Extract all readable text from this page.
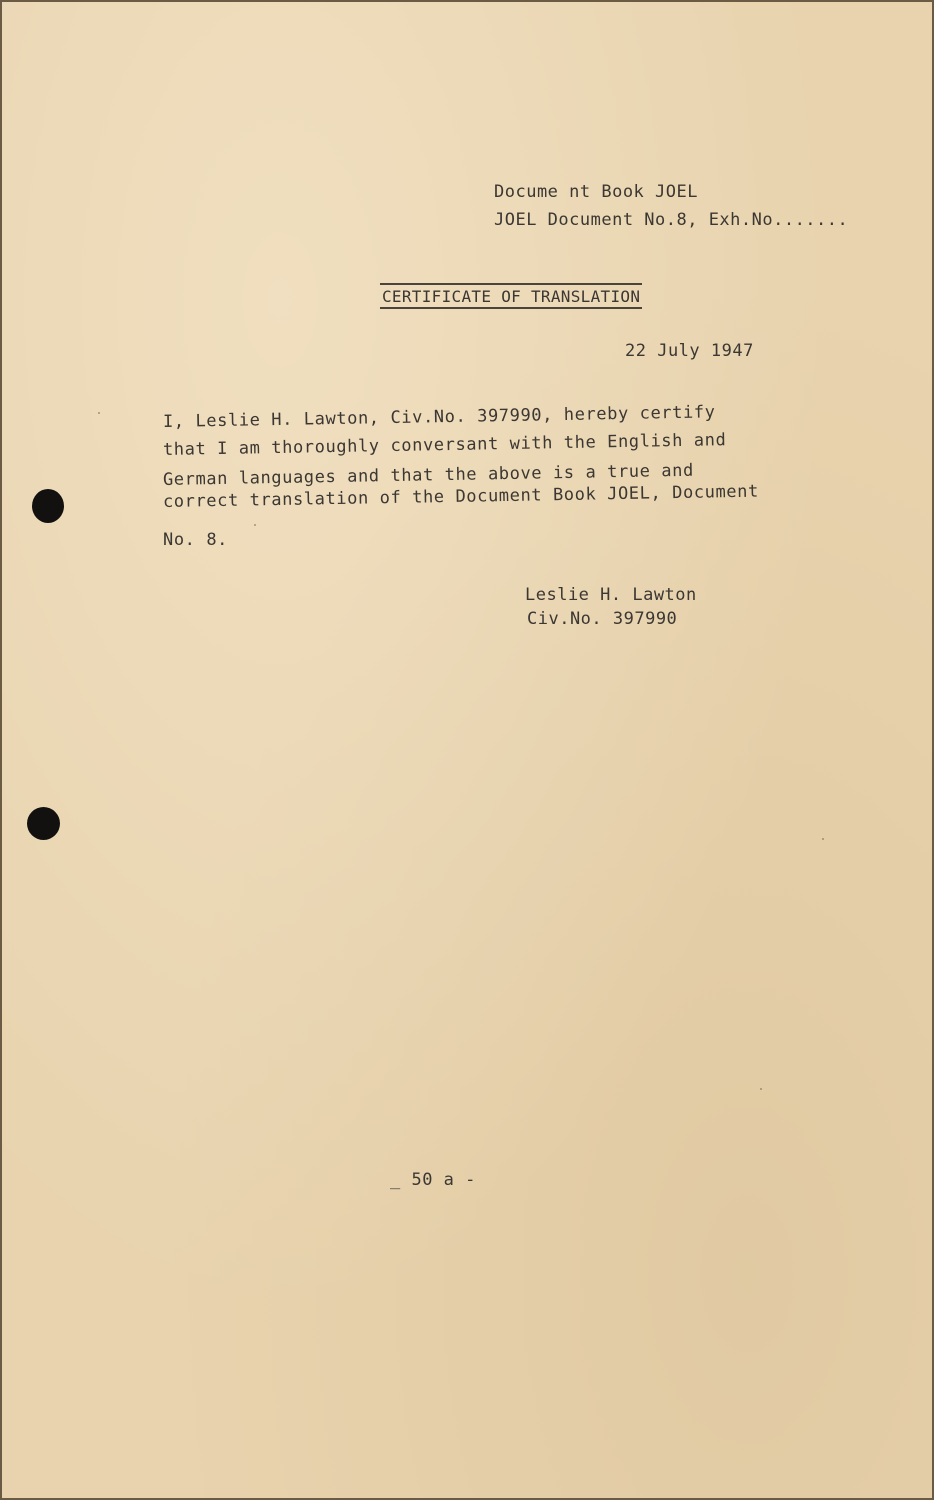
Docume nt Book JOEL
JOEL Document No.8, Exh.No.......
CERTIFICATE OF TRANSLATION
22 July 1947
I, Leslie H. Lawton, Civ.No. 397990, hereby certify
that I am thoroughly conversant with the English and
German languages and that the above is a true and
correct translation of the Document Book JOEL, Document
No. 8.
Leslie H. Lawton
Civ.No. 397990
_ 50 a -
